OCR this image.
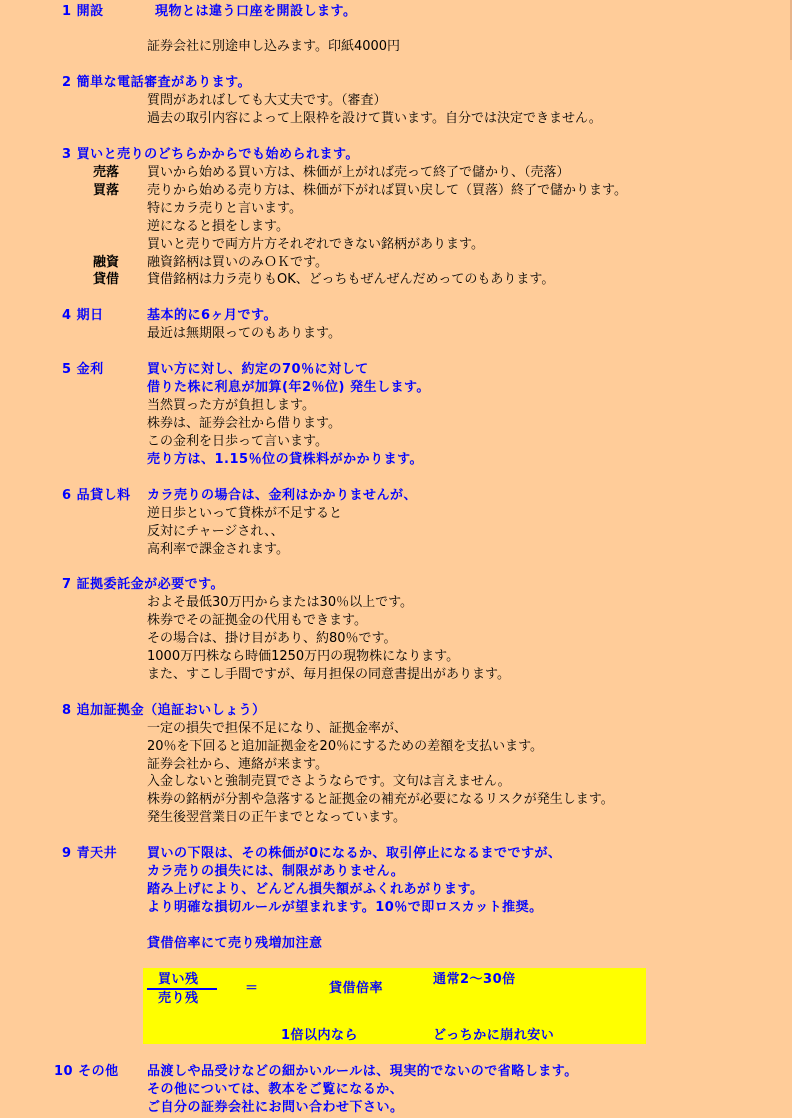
1 開設	現物とは違う口座を開設します。
証券会社に別途申し込みます。印紙4000円
2 簡単な電話審査があります。
質問があればしても大丈夫です。（審査）
過去の取引内容によって上限枠を設けて貰います。自分では決定できません。
3 買いと売りのどちらかからでも始められます。
売落 買いから始める買い方は、株価が上がれば売って終了で儲かり、（売落）
買落 売りから始める売り方は、株価が下がれば買い戻して（買落）終了で儲かります。
特にカラ売りと言います。
逆になると損をします。
買いと売りで両方片方それぞれできない銘柄があります。
融資 融資銘柄は買いのみＯＫです。
貸借 貸借銘柄は力ラ売りもOK、どっちもぜんぜんだめってのもあります。
4 期日	基本的に6ヶ月です。
最近は無期限ってのもあります。
5 金利	買い方に対し、約定の70％に対して
借りた株に利息が加算(年2％位) 発生します。
当然買った方が負担します。
株券は、証券会社から借ります。
この金利を日歩って言います。
売り方は、1.15％位の貸株料がかかります。
6 品貸し料 カラ売りの場合は、金利はかかりませんが、
逆日歩といって貸株が不足すると
反対にチャージされ、、
高利率で課金されます。
7 証拠委託金が必要です。
およそ最低30万円からまたは30％以上です。
株券でその証拠金の代用もできます。
その場合は、掛け目があり、約80％です。
1000万円株なら時価1250万円の現物株になります。
また、すこし手間ですが、毎月担保の同意書提出があります。
8 追加証拠金（追証おいしょう）
一定の損失で担保不足になり、証拠金率が、
20％を下回ると追加証拠金を20％にするための差額を支払います。
証券会社から、連絡が来ます。
入金しないと強制売買でさようならです。文句は言えません。
株券の銘柄が分割や急落すると証拠金の補充が必要になるリスクが発生します。
発生後翌営業日の正午までとなっています。
9 青天井 買いの下限は、その株価が0になるか、取引停止になるまでですが、
カラ売りの損失には、制限がありません。
踏み上げにより、どんどん損失額がふくれあがります。
より明確な損切ルールが望まれます。10％で即ロスカット推奨。
貸借倍率にて売り残増加注意
買い残
売り残
＝	貸借倍率
通常2～30倍
1倍以内なら	どっちかに崩れ安い
10 その他 品渡しや品受けなどの細かいルールは、現実的でないので省略します。
その他については、教本をご覧になるか、
ご自分の証券会社にお問い合わせ下さい。
